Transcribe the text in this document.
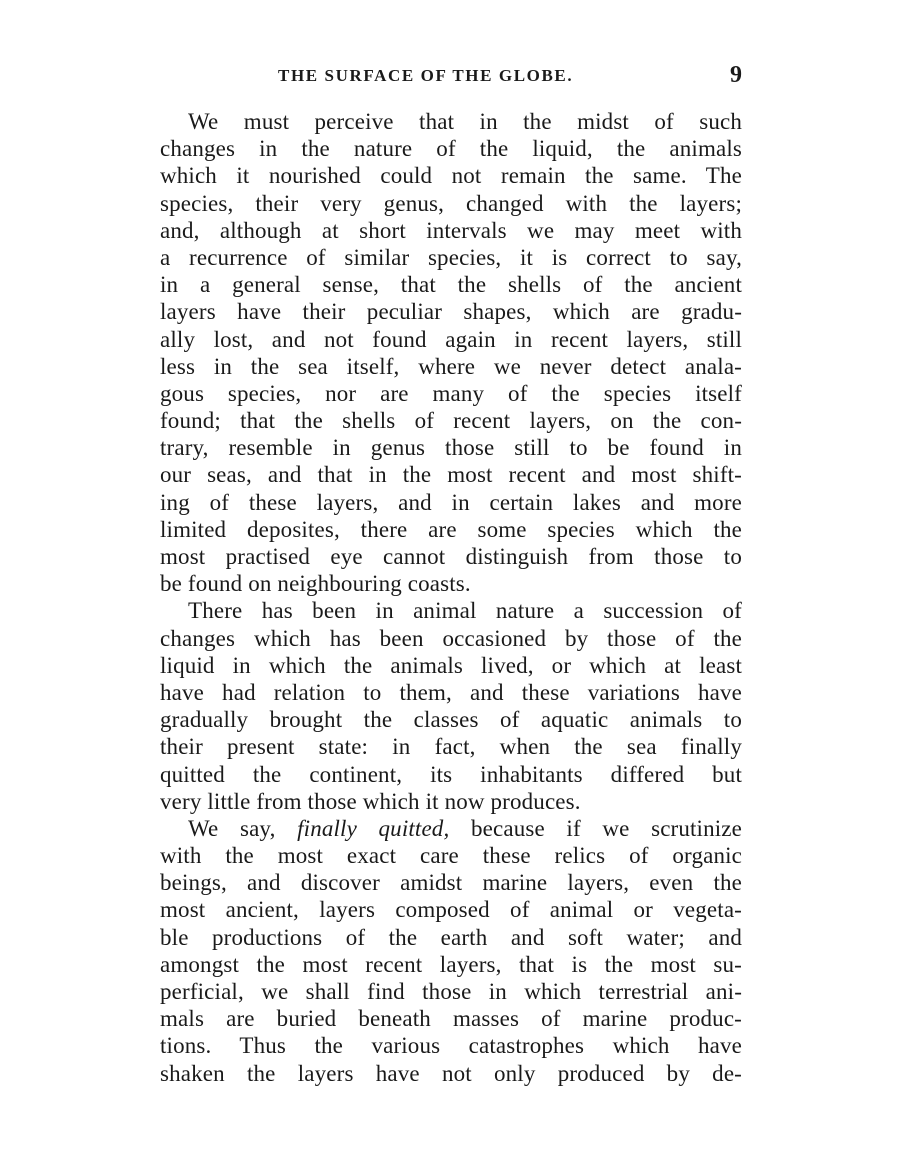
THE SURFACE OF THE GLOBE.	9
We must perceive that in the midst of such
changes in the nature of the liquid, the animals
which it nourished could not remain the same. The
species, their very genus, changed with the layers;
and, although at short intervals we may meet with
a recurrence of similar species, it is correct to say,
in a general sense, that the shells of the ancient
layers have their peculiar shapes, which are gradu-
ally lost, and not found again in recent layers, still
less in the sea itself, where we never detect anala-
gous species, nor are many of the species itself
found; that the shells of recent layers, on the con-
trary, resemble in genus those still to be found in
our seas, and that in the most recent and most shift-
ing of these layers, and in certain lakes and more
limited deposites, there are some species which the
most practised eye cannot distinguish from those to
be found on neighbouring coasts.
There has been in animal nature a succession of
changes which has been occasioned by those of the
liquid in which the animals lived, or which at least
have had relation to them, and these variations have
gradually brought the classes of aquatic animals to
their present state: in fact, when the sea finally
quitted the continent, its inhabitants differed but
very little from those which it now produces.
We say, finally quitted, because if we scrutinize
with the most exact care these relics of organic
beings, and discover amidst marine layers, even the
most ancient, layers composed of animal or vegeta-
ble productions of the earth and soft water; and
amongst the most recent layers, that is the most su-
perficial, we shall find those in which terrestrial ani-
mals are buried beneath masses of marine produc-
tions. Thus the various catastrophes which have
shaken the layers have not only produced by de-
